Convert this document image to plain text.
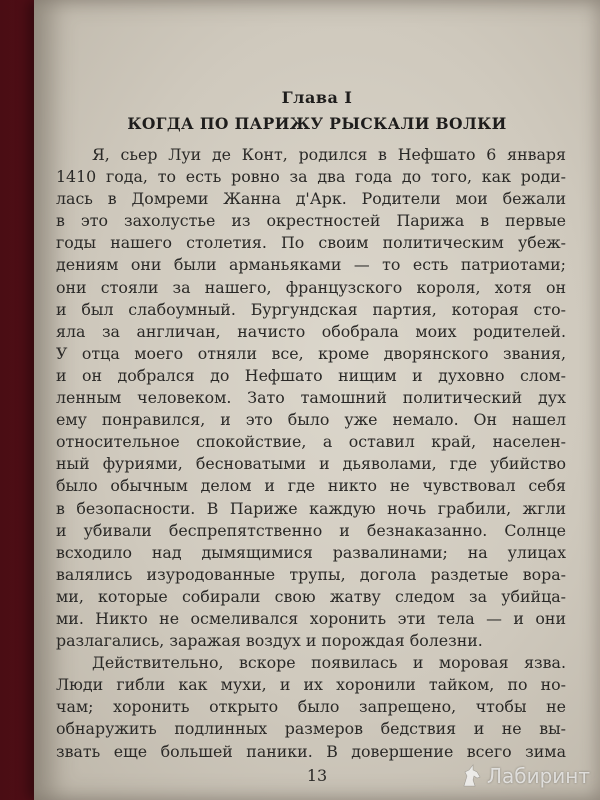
Глава I
КОГДА ПО ПАРИЖУ РЫСКАЛИ ВОЛКИ
Я, сьер Луи де Конт, родился в Нефшато 6 января
1410 года, то есть ровно за два года до того, как роди-
лась в Домреми Жанна д'Арк. Родители мои бежали
в это захолустье из окрестностей Парижа в первые
годы нашего столетия. По своим политическим убеж-
дениям они были арманьяками — то есть патриотами;
они стояли за нашего, французского короля, хотя он
и был слабоумный. Бургундская партия, которая сто-
яла за англичан, начисто обобрала моих родителей.
У отца моего отняли все, кроме дворянского звания,
и он добрался до Нефшато нищим и духовно слом-
ленным человеком. Зато тамошний политический дух
ему понравился, и это было уже немало. Он нашел
относительное спокойствие, а оставил край, населен-
ный фуриями, бесноватыми и дьяволами, где убийство
было обычным делом и где никто не чувствовал себя
в безопасности. В Париже каждую ночь грабили, жгли
и убивали беспрепятственно и безнаказанно. Солнце
всходило над дымящимися развалинами; на улицах
валялись изуродованные трупы, догола раздетые вора-
ми, которые собирали свою жатву следом за убийца-
ми. Никто не осмеливался хоронить эти тела — и они
разлагались, заражая воздух и порождая болезни.
Действительно, вскоре появилась и моровая язва.
Люди гибли как мухи, и их хоронили тайком, по но-
чам; хоронить открыто было запрещено, чтобы не
обнаружить подлинных размеров бедствия и не вы-
звать еще большей паники. В довершение всего зима
13	Лабиринт
